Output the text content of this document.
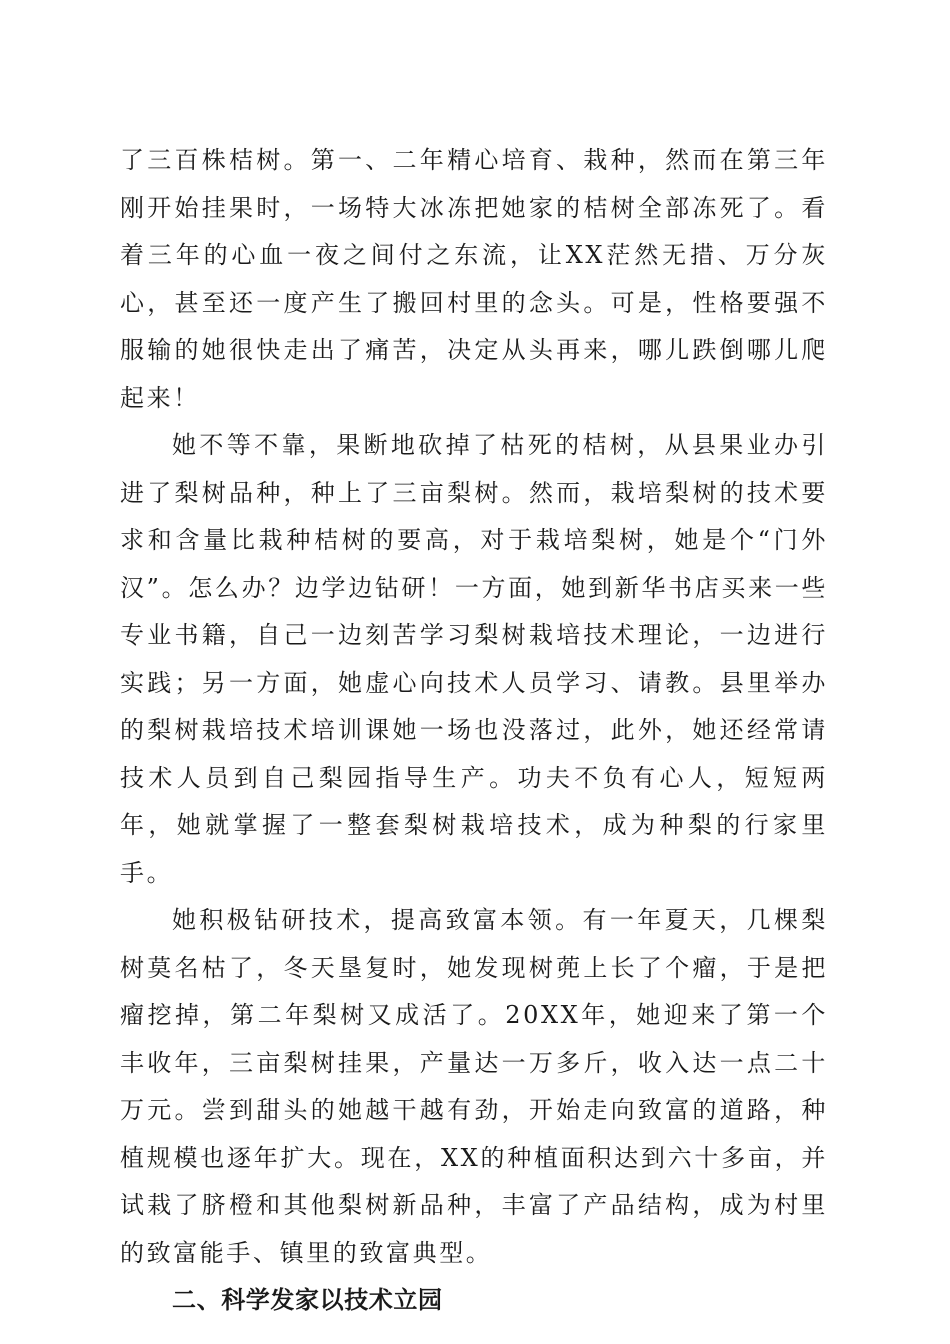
了三百株桔树。第一、二年精心培育、栽种，然而在第三年刚开始挂果时，一场特大冰冻把她家的桔树全部冻死了。看着三年的心血一夜之间付之东流，让XX茫然无措、万分灰心，甚至还一度产生了搬回村里的念头。可是，性格要强不服输的她很快走出了痛苦，决定从头再来，哪儿跌倒哪儿爬起来！

她不等不靠，果断地砍掉了枯死的桔树，从县果业办引进了梨树品种，种上了三亩梨树。然而，栽培梨树的技术要求和含量比栽种桔树的要高，对于栽培梨树，她是个“门外汉”。怎么办？边学边钻研！一方面，她到新华书店买来一些专业书籍，自己一边刻苦学习梨树栽培技术理论，一边进行实践；另一方面，她虚心向技术人员学习、请教。县里举办的梨树栽培技术培训课她一场也没落过，此外，她还经常请技术人员到自己梨园指导生产。功夫不负有心人，短短两年，她就掌握了一整套梨树栽培技术，成为种梨的行家里手。

她积极钻研技术，提高致富本领。有一年夏天，几棵梨树莫名枯了，冬天垦复时，她发现树蔸上长了个瘤，于是把瘤挖掉，第二年梨树又成活了。20XX年，她迎来了第一个丰收年，三亩梨树挂果，产量达一万多斤，收入达一点二十万元。尝到甜头的她越干越有劲，开始走向致富的道路，种植规模也逐年扩大。现在，XX的种植面积达到六十多亩，并试栽了脐橙和其他梨树新品种，丰富了产品结构，成为村里的致富能手、镇里的致富典型。

二、科学发家以技术立园
